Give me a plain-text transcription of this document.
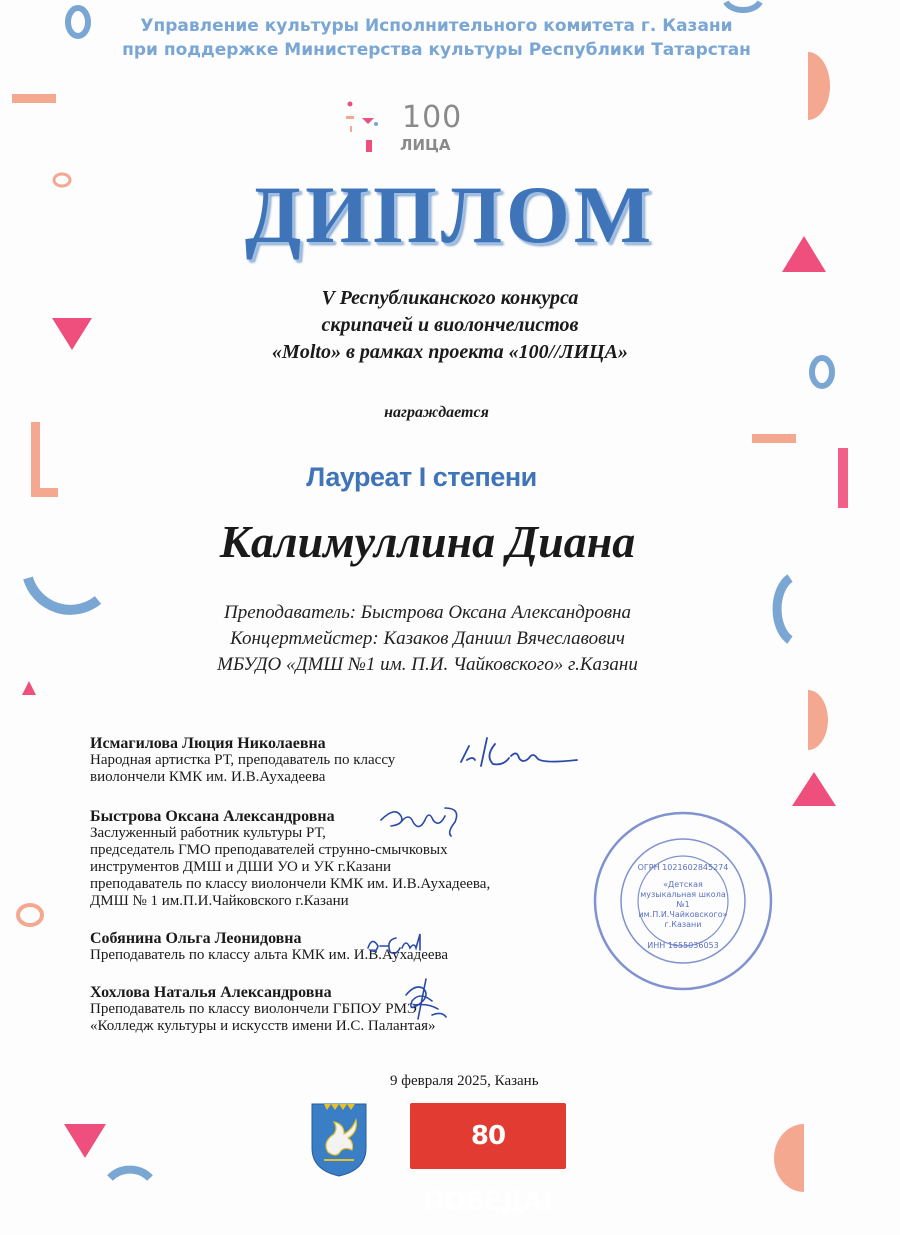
Управление культуры Исполнительного комитета г. Казани
при поддержке Министерства культуры Республики Татарстан
100
ЛИЦА
ДИПЛОМ
V Республиканского конкурса
скрипачей и виолончелистов
«Molto» в рамках проекта «100//ЛИЦА»
награждается
Лауреат I степени
Калимуллина Диана
Преподаватель: Быстрова Оксана Александровна
Концертмейстер: Казаков Даниил Вячеславович
МБУДО «ДМШ №1 им. П.И. Чайковского» г.Казани
Исмагилова Люция Николаевна
Народная артистка РТ, преподаватель по классу
виолончели КМК им. И.В.Аухадеева
Быстрова Оксана Александровна
Заслуженный работник культуры РТ,
председатель ГМО преподавателей струнно-смычковых
инструментов ДМШ и ДШИ УО и УК г.Казани
преподаватель по классу виолончели КМК им. И.В.Аухадеева,
ДМШ № 1 им.П.И.Чайковского г.Казани
Собянина Ольга Леонидовна
Преподаватель по классу альта КМК им. И.В.Аухадеева
Хохлова Наталья Александровна
Преподаватель по классу виолончели ГБПОУ РМЭ
«Колледж культуры и искусств имени И.С. Палантая»
ОГРН 1021602845274
ИНН 1655036053
«Детская музыкальная школа №1 им.П.И.Чайковского» г.Казани
9 февраля 2025, Казань
80 ПОБЕДА!
